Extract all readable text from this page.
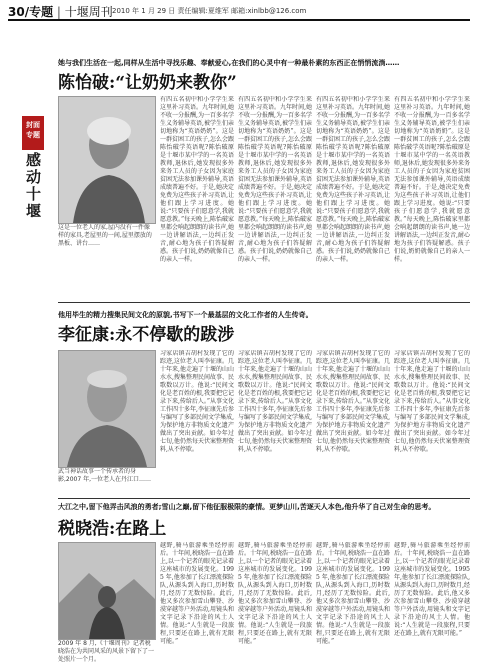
30/专题 | 十堰周刊 2010 年 1 月 29 日 责任编辑:夏维军 邮箱:xinlbb@126.com
封面
专题
感动十堰
她与我们生活在一起,同样从生活中寻找乐趣、奉献爱心,在我们的心灵中有一种最朴素的东西正在悄悄流淌……
陈怡破:“让奶奶来教你”
这是一位老人的家,屋内没有一件像样的家具,老屋里的一间,屋里摆放的黑板、讲台……
有四五名初中和小学学生来这里补习英语。九年时间,她不收一分报酬,为一百多名学生义务辅导英语,被学生们亲切地称为“英语奶奶”。这是一群贫困工的孩子,怎么会跟陈怡破学英语呢?陈怡破原是十堰市某中学的一名英语教师,退休后,她发现很多外来务工人员的子女因为家庭贫困无法参加课外辅导,英语成绩普遍不好。于是,她决定免费为这些孩子补习英语,让他们跟上学习进度。她说:“只要孩子们愿意学,我就愿意教。”每天晚上,陈怡破家里都会响起朗朗的读书声,她一边讲解语法,一边纠正发音,耐心地为孩子们答疑解惑。孩子们说,奶奶就像自己的亲人一样。
有四五名初中和小学学生来这里补习英语。九年时间,她不收一分报酬,为一百多名学生义务辅导英语,被学生们亲切地称为“英语奶奶”。这是一群贫困工的孩子,怎么会跟陈怡破学英语呢?陈怡破原是十堰市某中学的一名英语教师,退休后,她发现很多外来务工人员的子女因为家庭贫困无法参加课外辅导,英语成绩普遍不好。于是,她决定免费为这些孩子补习英语,让他们跟上学习进度。她说:“只要孩子们愿意学,我就愿意教。”每天晚上,陈怡破家里都会响起朗朗的读书声,她一边讲解语法,一边纠正发音,耐心地为孩子们答疑解惑。孩子们说,奶奶就像自己的亲人一样。
有四五名初中和小学学生来这里补习英语。九年时间,她不收一分报酬,为一百多名学生义务辅导英语,被学生们亲切地称为“英语奶奶”。这是一群贫困工的孩子,怎么会跟陈怡破学英语呢?陈怡破原是十堰市某中学的一名英语教师,退休后,她发现很多外来务工人员的子女因为家庭贫困无法参加课外辅导,英语成绩普遍不好。于是,她决定免费为这些孩子补习英语,让他们跟上学习进度。她说:“只要孩子们愿意学,我就愿意教。”每天晚上,陈怡破家里都会响起朗朗的读书声,她一边讲解语法,一边纠正发音,耐心地为孩子们答疑解惑。孩子们说,奶奶就像自己的亲人一样。
有四五名初中和小学学生来这里补习英语。九年时间,她不收一分报酬,为一百多名学生义务辅导英语,被学生们亲切地称为“英语奶奶”。这是一群贫困工的孩子,怎么会跟陈怡破学英语呢?陈怡破原是十堰市某中学的一名英语教师,退休后,她发现很多外来务工人员的子女因为家庭贫困无法参加课外辅导,英语成绩普遍不好。于是,她决定免费为这些孩子补习英语,让他们跟上学习进度。她说:“只要孩子们愿意学,我就愿意教。”每天晚上,陈怡破家里都会响起朗朗的读书声,她一边讲解语法,一边纠正发音,耐心地为孩子们答疑解惑。孩子们说,奶奶就像自己的亲人一样。
他用毕生的精力搜集民间文化的原貌,书写下一个最基层的文化工作者的人生传奇。
李征康:永不停歇的跋涉
武当神话故事一个传承者的身影,2007 年,一位老人在丹江口……
习家店镇吉胡村发现了它的踪迹,这位老人叫李征康。几十年来,他走遍了十堰的山山水水,搜集整理民间故事、民歌数以万计。他说:“民间文化是老百姓的根,我要把它记录下来,传给后人。”从事文化工作四十多年,李征康先后参与编写了多部民间文学集成,为保护地方非物质文化遗产做出了突出贡献。如今年过七旬,他仍然每天伏案整理资料,从不停歇。
习家店镇吉胡村发现了它的踪迹,这位老人叫李征康。几十年来,他走遍了十堰的山山水水,搜集整理民间故事、民歌数以万计。他说:“民间文化是老百姓的根,我要把它记录下来,传给后人。”从事文化工作四十多年,李征康先后参与编写了多部民间文学集成,为保护地方非物质文化遗产做出了突出贡献。如今年过七旬,他仍然每天伏案整理资料,从不停歇。
习家店镇吉胡村发现了它的踪迹,这位老人叫李征康。几十年来,他走遍了十堰的山山水水,搜集整理民间故事、民歌数以万计。他说:“民间文化是老百姓的根,我要把它记录下来,传给后人。”从事文化工作四十多年,李征康先后参与编写了多部民间文学集成,为保护地方非物质文化遗产做出了突出贡献。如今年过七旬,他仍然每天伏案整理资料,从不停歇。
习家店镇吉胡村发现了它的踪迹,这位老人叫李征康。几十年来,他走遍了十堰的山山水水,搜集整理民间故事、民歌数以万计。他说:“民间文化是老百姓的根,我要把它记录下来,传给后人。”从事文化工作四十多年,李征康先后参与编写了多部民间文学集成,为保护地方非物质文化遗产做出了突出贡献。如今年过七旬,他仍然每天伏案整理资料,从不停歇。
大江之中,留下他弄击风浪的勇者;雪山之巅,留下他征服极限的豪情。更梦山川,苦逐天人本色,他升华了自己对生命的思考。
税晓浩:在路上
2009 年 8 月,《十堰周刊》记者税晓浩在为共同风采的风景下留下了一处照片一个月。
越野,骑马旅游乘坐经停前后。十年间,税晓浩一直在路上,以一个记者的眼光记录着这座城市的发展变化。1995 年,他参加了长江漂流探险队,从源头到入海口,历时数月,经历了无数惊险。此后,他又多次参加雪山攀登、沙漠穿越等户外活动,用镜头和文字记录下沿途的风土人情。他说:“人生就是一段旅程,只要还在路上,就有无限可能。”
越野,骑马旅游乘坐经停前后。十年间,税晓浩一直在路上,以一个记者的眼光记录着这座城市的发展变化。1995 年,他参加了长江漂流探险队,从源头到入海口,历时数月,经历了无数惊险。此后,他又多次参加雪山攀登、沙漠穿越等户外活动,用镜头和文字记录下沿途的风土人情。他说:“人生就是一段旅程,只要还在路上,就有无限可能。”
越野,骑马旅游乘坐经停前后。十年间,税晓浩一直在路上,以一个记者的眼光记录着这座城市的发展变化。1995 年,他参加了长江漂流探险队,从源头到入海口,历时数月,经历了无数惊险。此后,他又多次参加雪山攀登、沙漠穿越等户外活动,用镜头和文字记录下沿途的风土人情。他说:“人生就是一段旅程,只要还在路上,就有无限可能。”
越野,骑马旅游乘坐经停前后。十年间,税晓浩一直在路上,以一个记者的眼光记录着这座城市的发展变化。1995 年,他参加了长江漂流探险队,从源头到入海口,历时数月,经历了无数惊险。此后,他又多次参加雪山攀登、沙漠穿越等户外活动,用镜头和文字记录下沿途的风土人情。他说:“人生就是一段旅程,只要还在路上,就有无限可能。”
